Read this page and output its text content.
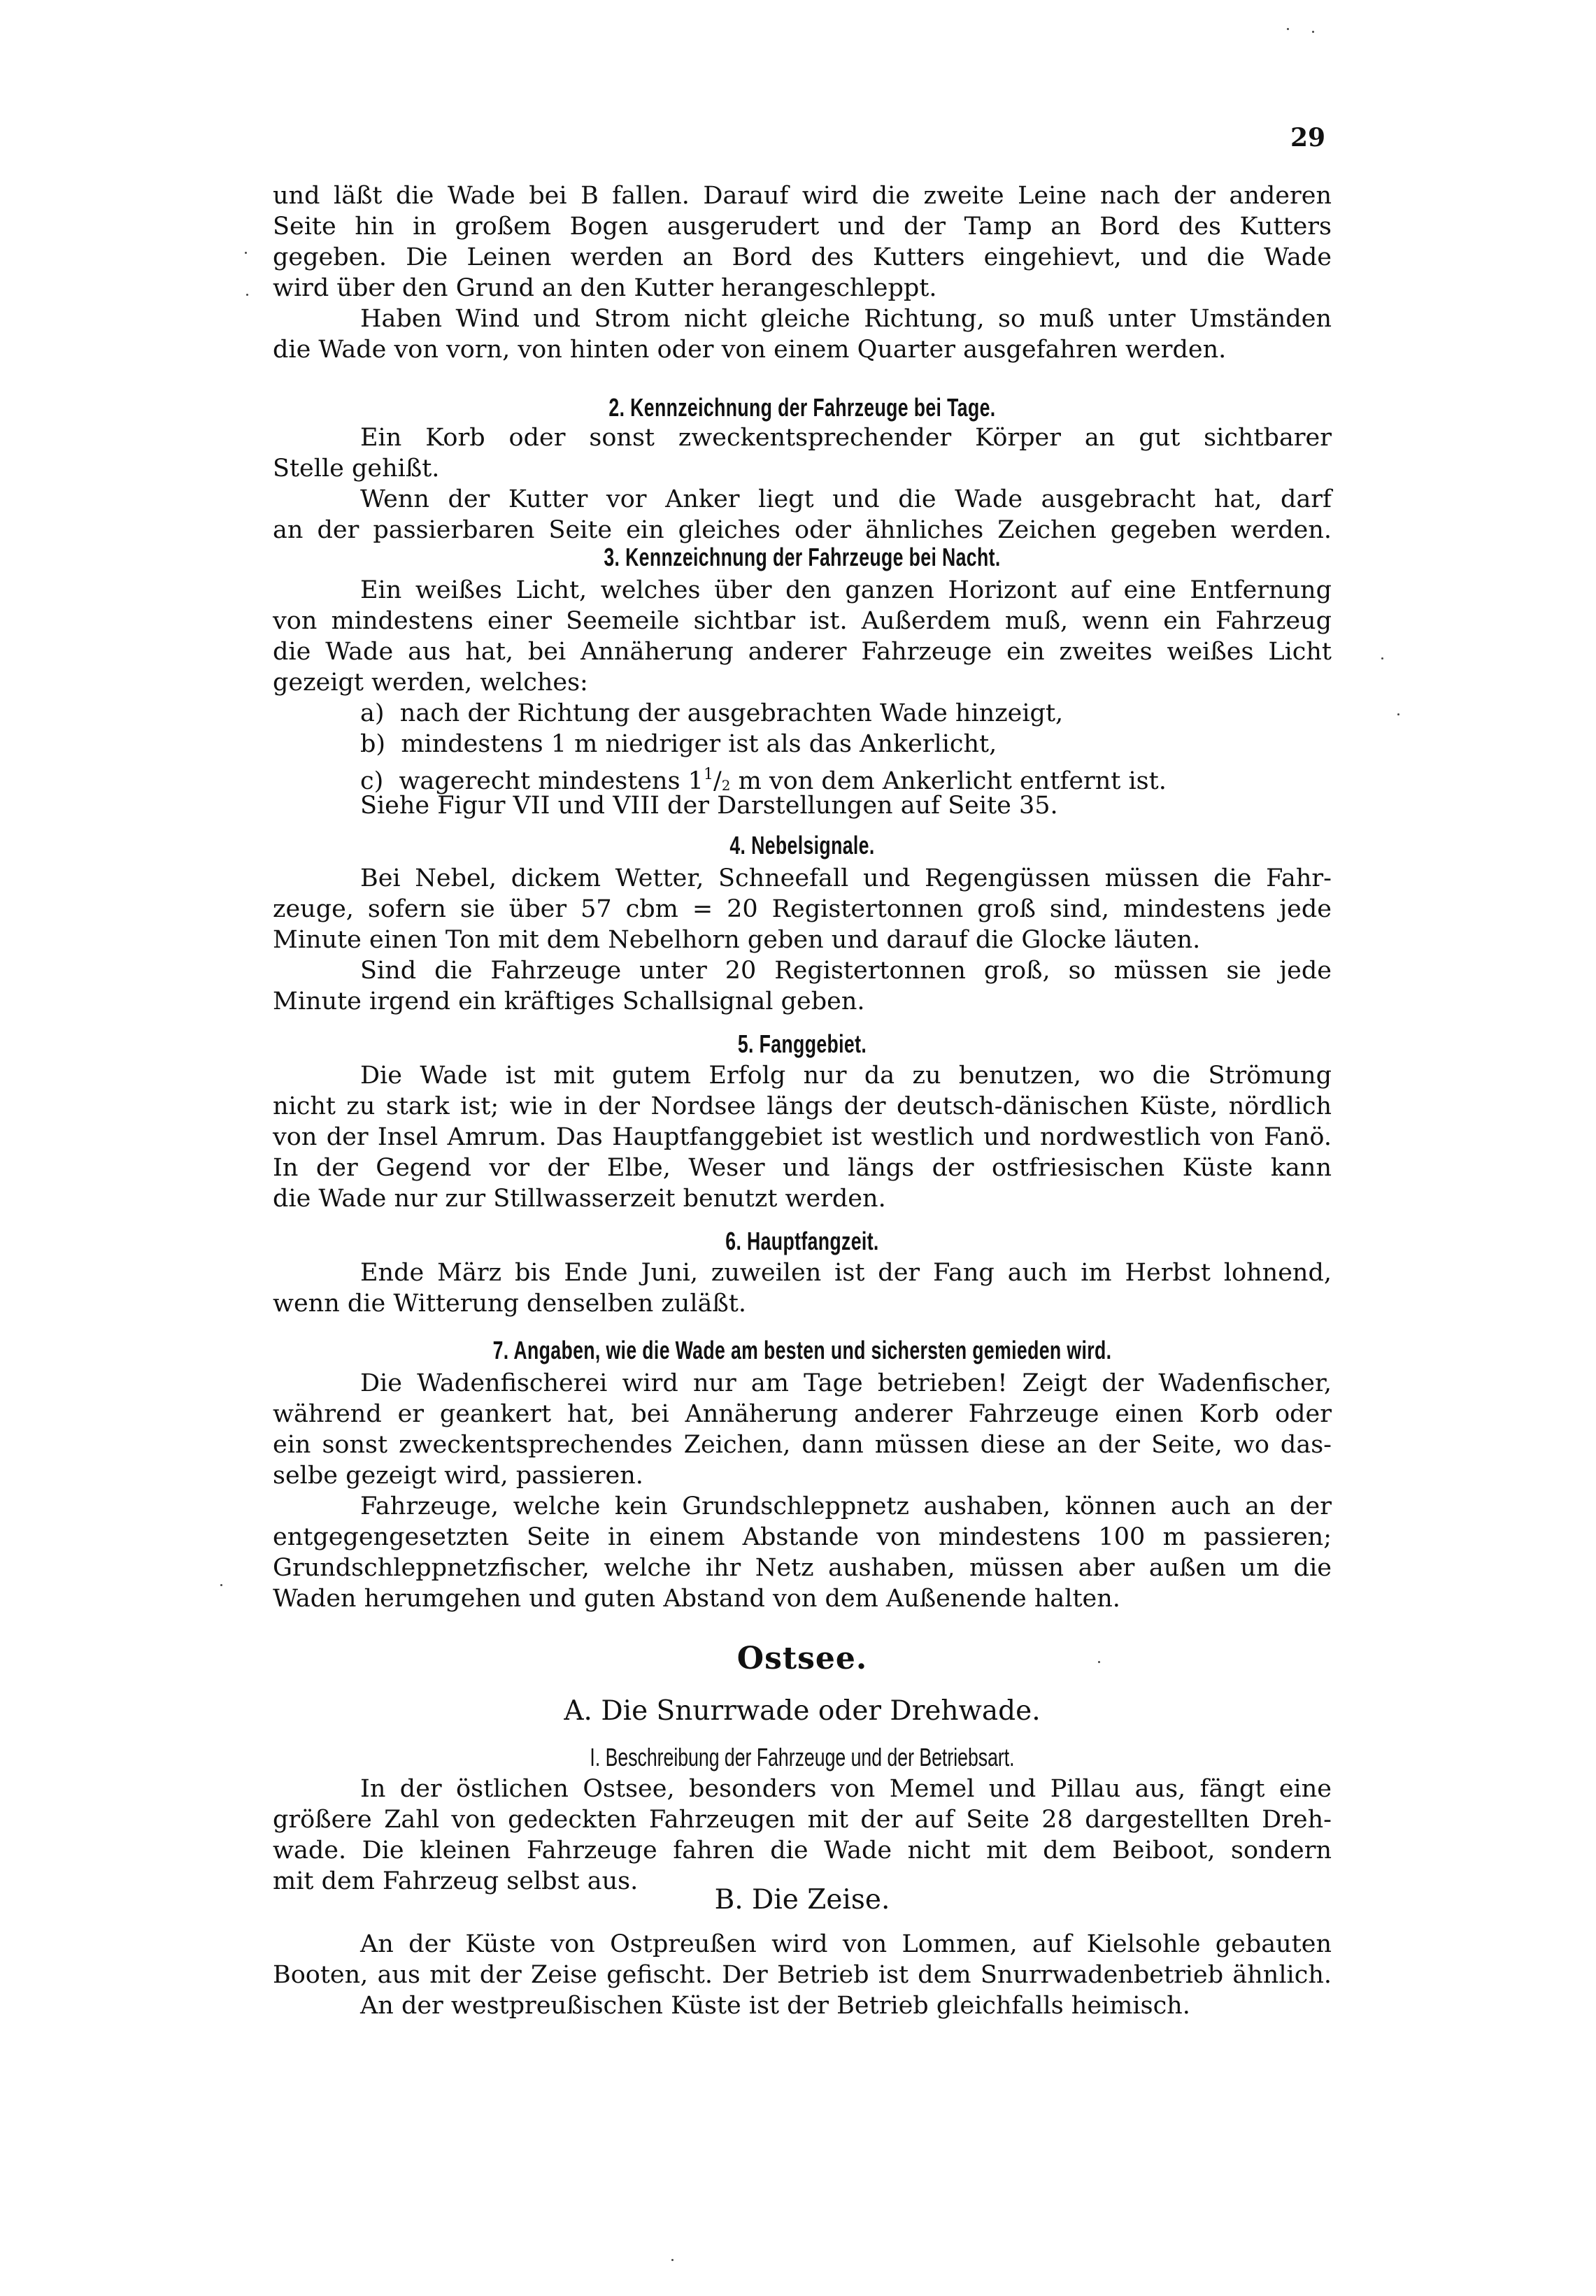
29
und läßt die Wade bei B fallen. Darauf wird die zweite Leine nach der anderen
Seite hin in großem Bogen ausgerudert und der Tamp an Bord des Kutters
gegeben. Die Leinen werden an Bord des Kutters eingehievt, und die Wade
wird über den Grund an den Kutter herangeschleppt.
Haben Wind und Strom nicht gleiche Richtung, so muß unter Umständen
die Wade von vorn, von hinten oder von einem Quarter ausgefahren werden.
2. Kennzeichnung der Fahrzeuge bei Tage.
Ein Korb oder sonst zweckentsprechender Körper an gut sichtbarer
Stelle gehißt.
Wenn der Kutter vor Anker liegt und die Wade ausgebracht hat, darf
an der passierbaren Seite ein gleiches oder ähnliches Zeichen gegeben werden.
3. Kennzeichnung der Fahrzeuge bei Nacht.
Ein weißes Licht, welches über den ganzen Horizont auf eine Entfernung
von mindestens einer Seemeile sichtbar ist. Außerdem muß, wenn ein Fahrzeug
die Wade aus hat, bei Annäherung anderer Fahrzeuge ein zweites weißes Licht
gezeigt werden, welches:
a) nach der Richtung der ausgebrachten Wade hinzeigt,
b) mindestens 1 m niedriger ist als das Ankerlicht,
c) wagerecht mindestens $1^1/_2$ m von dem Ankerlicht entfernt ist.
Siehe Figur VII und VIII der Darstellungen auf Seite 35.
4. Nebelsignale.
Bei Nebel, dickem Wetter, Schneefall und Regengüssen müssen die Fahr-
zeuge, sofern sie über 57 cbm = 20 Registertonnen groß sind, mindestens jede
Minute einen Ton mit dem Nebelhorn geben und darauf die Glocke läuten.
Sind die Fahrzeuge unter 20 Registertonnen groß, so müssen sie jede
Minute irgend ein kräftiges Schallsignal geben.
5. Fanggebiet.
Die Wade ist mit gutem Erfolg nur da zu benutzen, wo die Strömung
nicht zu stark ist; wie in der Nordsee längs der deutsch-dänischen Küste, nördlich
von der Insel Amrum. Das Hauptfanggebiet ist westlich und nordwestlich von Fanö.
In der Gegend vor der Elbe, Weser und längs der ostfriesischen Küste kann
die Wade nur zur Stillwasserzeit benutzt werden.
6. Hauptfangzeit.
Ende März bis Ende Juni, zuweilen ist der Fang auch im Herbst lohnend,
wenn die Witterung denselben zuläßt.
7. Angaben, wie die Wade am besten und sichersten gemieden wird.
Die Wadenfischerei wird nur am Tage betrieben! Zeigt der Wadenfischer,
während er geankert hat, bei Annäherung anderer Fahrzeuge einen Korb oder
ein sonst zweckentsprechendes Zeichen, dann müssen diese an der Seite, wo das-
selbe gezeigt wird, passieren.
Fahrzeuge, welche kein Grundschleppnetz aushaben, können auch an der
entgegengesetzten Seite in einem Abstande von mindestens 100 m passieren;
Grundschleppnetzfischer, welche ihr Netz aushaben, müssen aber außen um die
Waden herumgehen und guten Abstand von dem Außenende halten.
Ostsee.
A. Die Snurrwade oder Drehwade.
I. Beschreibung der Fahrzeuge und der Betriebsart.
In der östlichen Ostsee, besonders von Memel und Pillau aus, fängt eine
größere Zahl von gedeckten Fahrzeugen mit der auf Seite 28 dargestellten Dreh-
wade. Die kleinen Fahrzeuge fahren die Wade nicht mit dem Beiboot, sondern
mit dem Fahrzeug selbst aus.
B. Die Zeise.
An der Küste von Ostpreußen wird von Lommen, auf Kielsohle gebauten
Booten, aus mit der Zeise gefischt. Der Betrieb ist dem Snurrwadenbetrieb ähnlich.
An der westpreußischen Küste ist der Betrieb gleichfalls heimisch.
